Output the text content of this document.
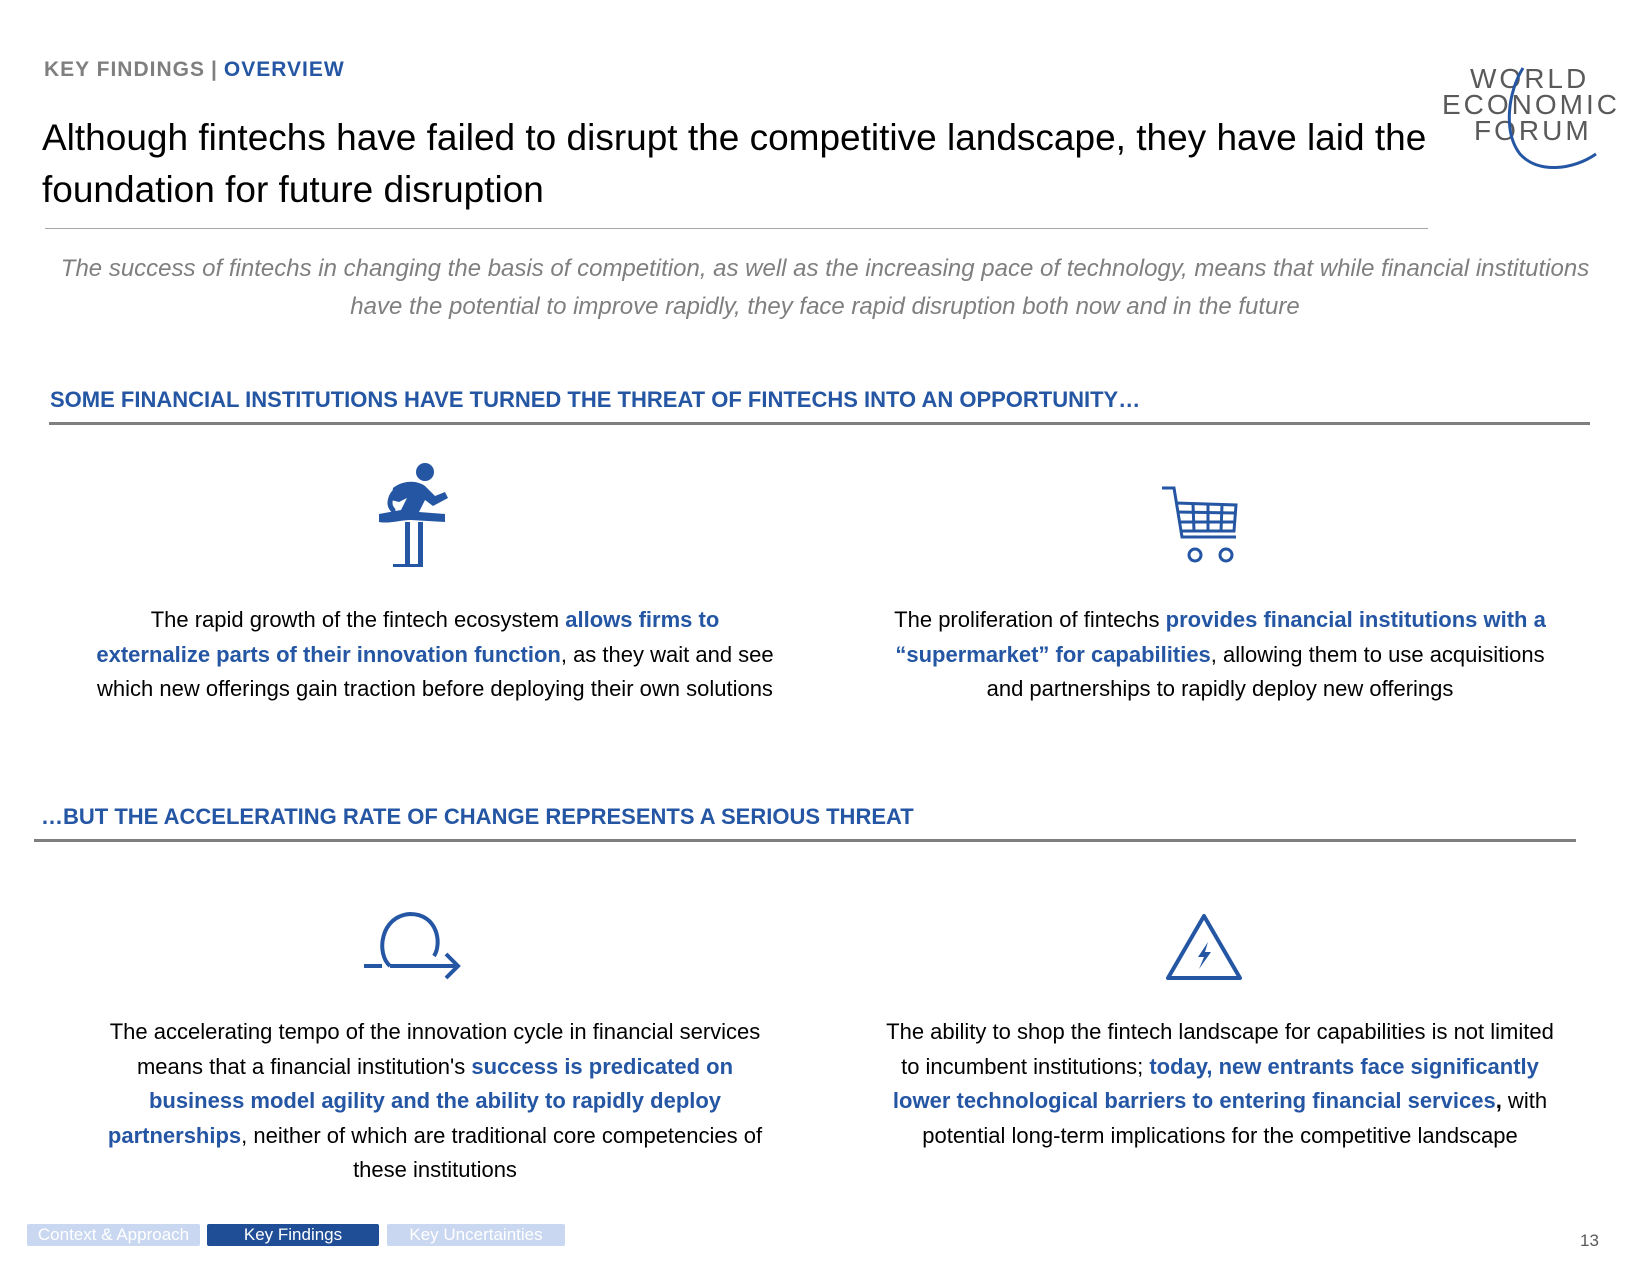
KEY FINDINGS | OVERVIEW
Although fintechs have failed to disrupt the competitive landscape, they have laid the foundation for future disruption
WORLD
ECONOMIC
FORUM
The success of fintechs in changing the basis of competition, as well as the increasing pace of technology, means that while financial institutions have the potential to improve rapidly, they face rapid disruption both now and in the future
SOME FINANCIAL INSTITUTIONS HAVE TURNED THE THREAT OF FINTECHS INTO AN OPPORTUNITY…
The rapid growth of the fintech ecosystem allows firms to externalize parts of their innovation function, as they wait and see which new offerings gain traction before deploying their own solutions
The proliferation of fintechs provides financial institutions with a “supermarket” for capabilities, allowing them to use acquisitions and partnerships to rapidly deploy new offerings
…BUT THE ACCELERATING RATE OF CHANGE REPRESENTS A SERIOUS THREAT
The accelerating tempo of the innovation cycle in financial services means that a financial institution's success is predicated on business model agility and the ability to rapidly deploy partnerships, neither of which are traditional core competencies of these institutions
The ability to shop the fintech landscape for capabilities is not limited to incumbent institutions; today, new entrants face significantly lower technological barriers to entering financial services, with potential long-term implications for the competitive landscape
Context & Approach	Key Findings	Key Uncertainties	13
